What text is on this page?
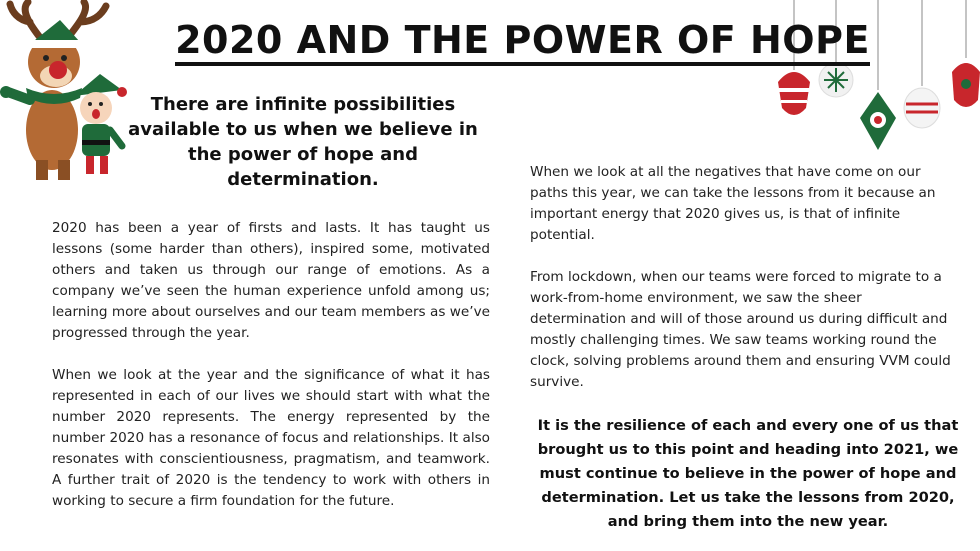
2020 AND THE POWER OF HOPE
There are infinite possibilities available to us when we believe in the power of hope and determination.

2020 has been a year of firsts and lasts. It has taught us lessons (some harder than others), inspired some, motivated others and taken us through our range of emotions. As a company we’ve seen the human experience unfold among us; learning more about ourselves and our team members as we’ve progressed through the year.

When we look at the year and the significance of what it has represented in each of our lives we should start with what the number 2020 represents. The energy represented by the number 2020 has a resonance of focus and relationships. It also resonates with conscientiousness, pragmatism, and teamwork. A further trait of 2020 is the tendency to work with others in working to secure a firm foundation for the future.

When we look at all the negatives that have come on our paths this year, we can take the lessons from it because an important energy that 2020 gives us, is that of infinite potential.

From lockdown, when our teams were forced to migrate to a work-from-home environment, we saw the sheer determination and will of those around us during difficult and mostly challenging times. We saw teams working round the clock, solving problems around them and ensuring VVM could survive.

It is the resilience of each and every one of us that brought us to this point and heading into 2021, we must continue to believe in the power of hope and determination. Let us take the lessons from 2020, and bring them into the new year.
